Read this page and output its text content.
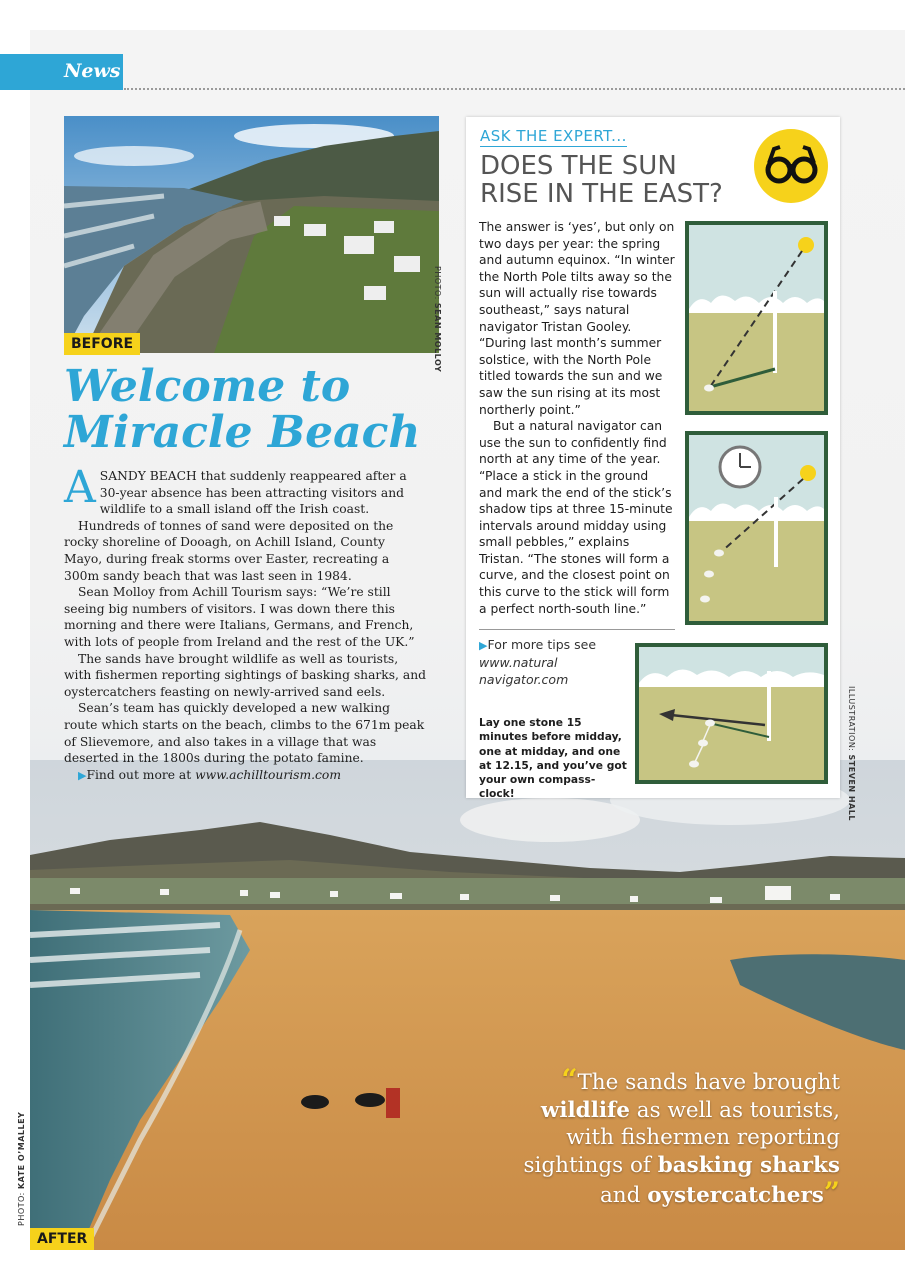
News
BEFORE
PHOTO: SEAN MOLLOY
Welcome to
Miracle Beach

ASANDY BEACH that suddenly reappeared after a 30-year absence has been attracting visitors and wildlife to a small island off the Irish coast.

Hundreds of tonnes of sand were deposited on the rocky shoreline of Dooagh, on Achill Island, County Mayo, during freak storms over Easter, recreating a 300m sandy beach that was last seen in 1984.

Sean Molloy from Achill Tourism says: “We’re still seeing big numbers of visitors. I was down there this morning and there were Italians, Germans, and French, with lots of people from Ireland and the rest of the UK.”

The sands have brought wildlife as well as tourists, with fishermen reporting sightings of basking sharks, and oystercatchers feasting on newly-arrived sand eels.

Sean’s team has quickly developed a new walking route which starts on the beach, climbs to the 671m peak of Slievemore, and also takes in a village that was deserted in the 1800s during the potato famine.

▶Find out more at www.achilltourism.com

ASK THE EXPERT...
DOES THE SUN
RISE IN THE EAST?

The answer is ‘yes’, but only on two days per year: the spring and autumn equinox. “In winter the North Pole tilts away so the sun will actually rise towards southeast,” says natural navigator Tristan Gooley. “During last month’s summer solstice, with the North Pole titled towards the sun and we saw the sun rising at its most northerly point.”

But a natural navigator can use the sun to confidently find north at any time of the year. “Place a stick in the ground and mark the end of the stick’s shadow tips at three 15-minute intervals around midday using small pebbles,” explains Tristan. “The stones will form a curve, and the closest point on this curve to the stick will form a perfect north-south line.”

▶For more tips see www.natural navigator.com
Lay one stone 15 minutes before midday, one at midday, and one at 12.15, and you’ve got your own compass-clock!
ILLUSTRATION: STEVEN HALL
“The sands have brought wildlife as well as tourists, with fishermen reporting sightings of basking sharks and oystercatchers”
AFTER
PHOTO: KATE O’MALLEY
